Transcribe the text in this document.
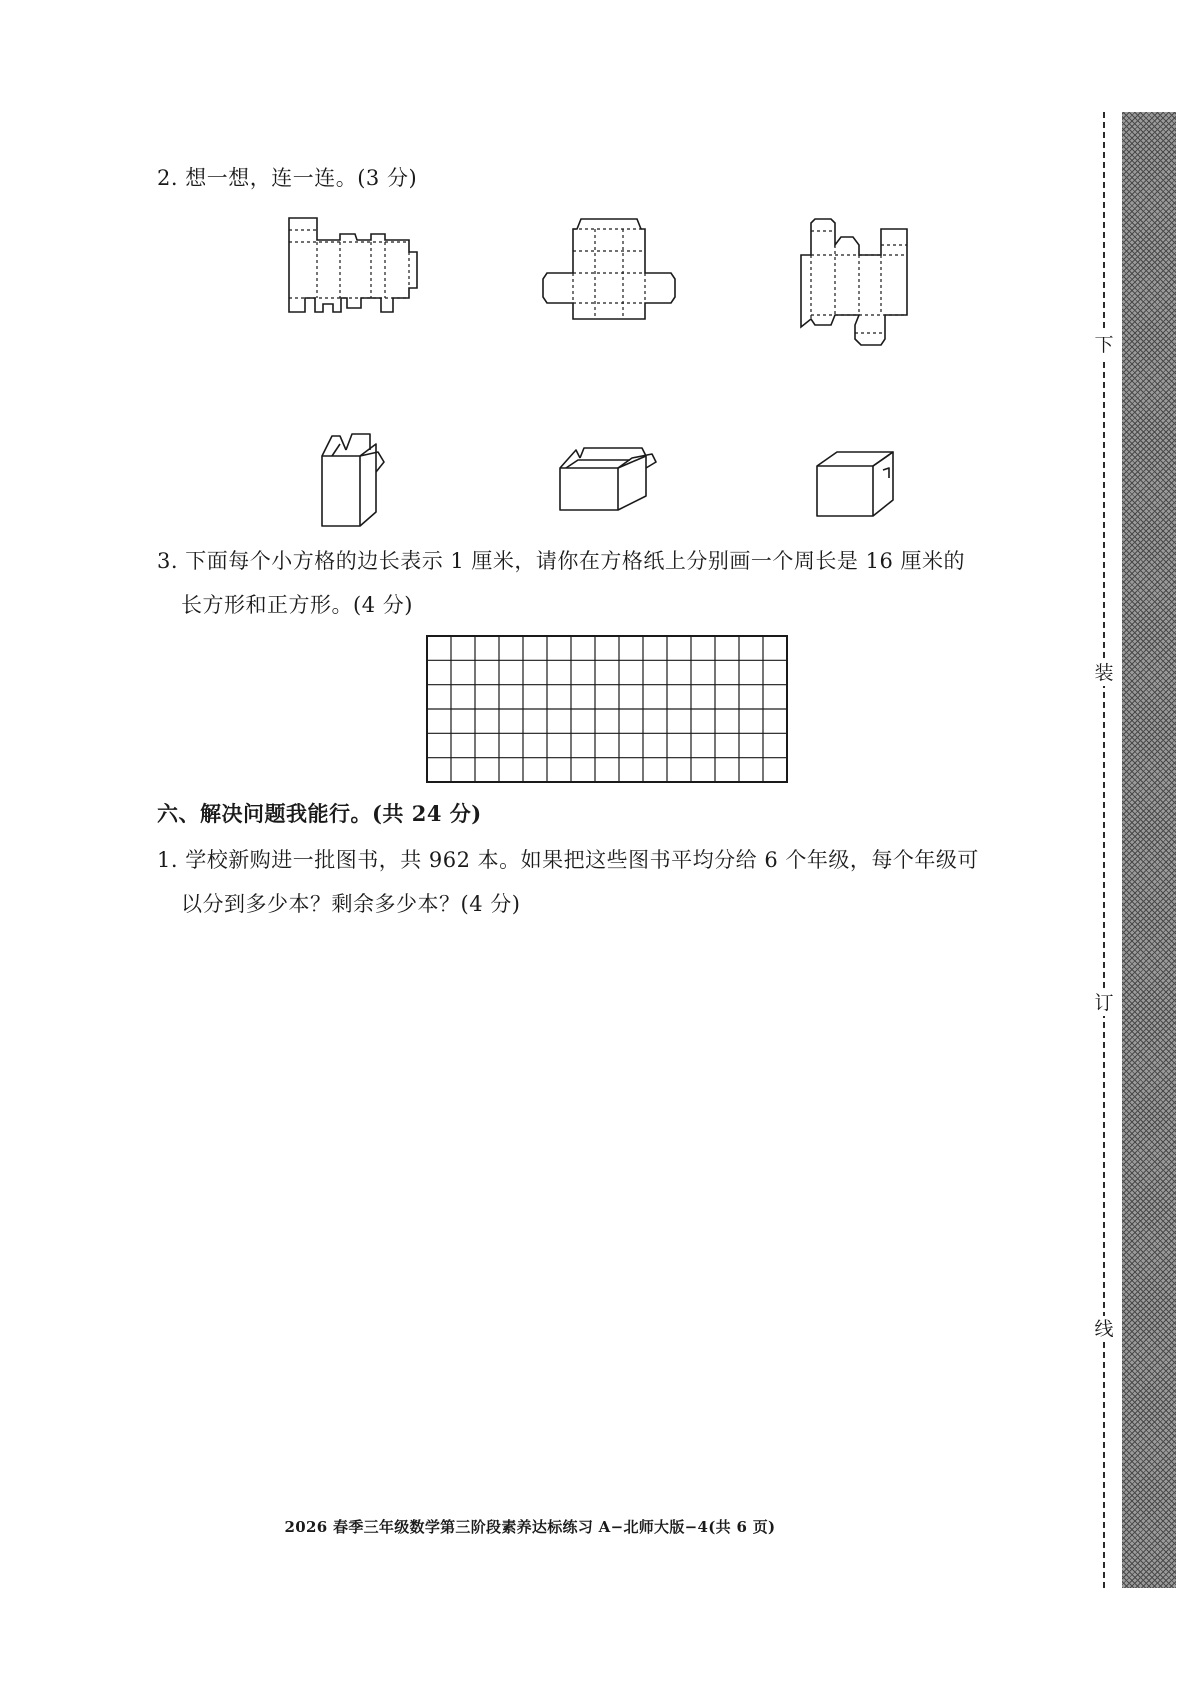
2. 想一想，连一连。(3 分)
3. 下面每个小方格的边长表示 1 厘米，请你在方格纸上分别画一个周长是 16 厘米的
长方形和正方形。(4 分)
六、解决问题我能行。(共 24 分)
1. 学校新购进一批图书，共 962 本。如果把这些图书平均分给 6 个年级，每个年级可
以分到多少本？剩余多少本？(4 分)
2026 春季三年级数学第三阶段素养达标练习 A−北师大版−4(共 6 页)
下
装
订
线
